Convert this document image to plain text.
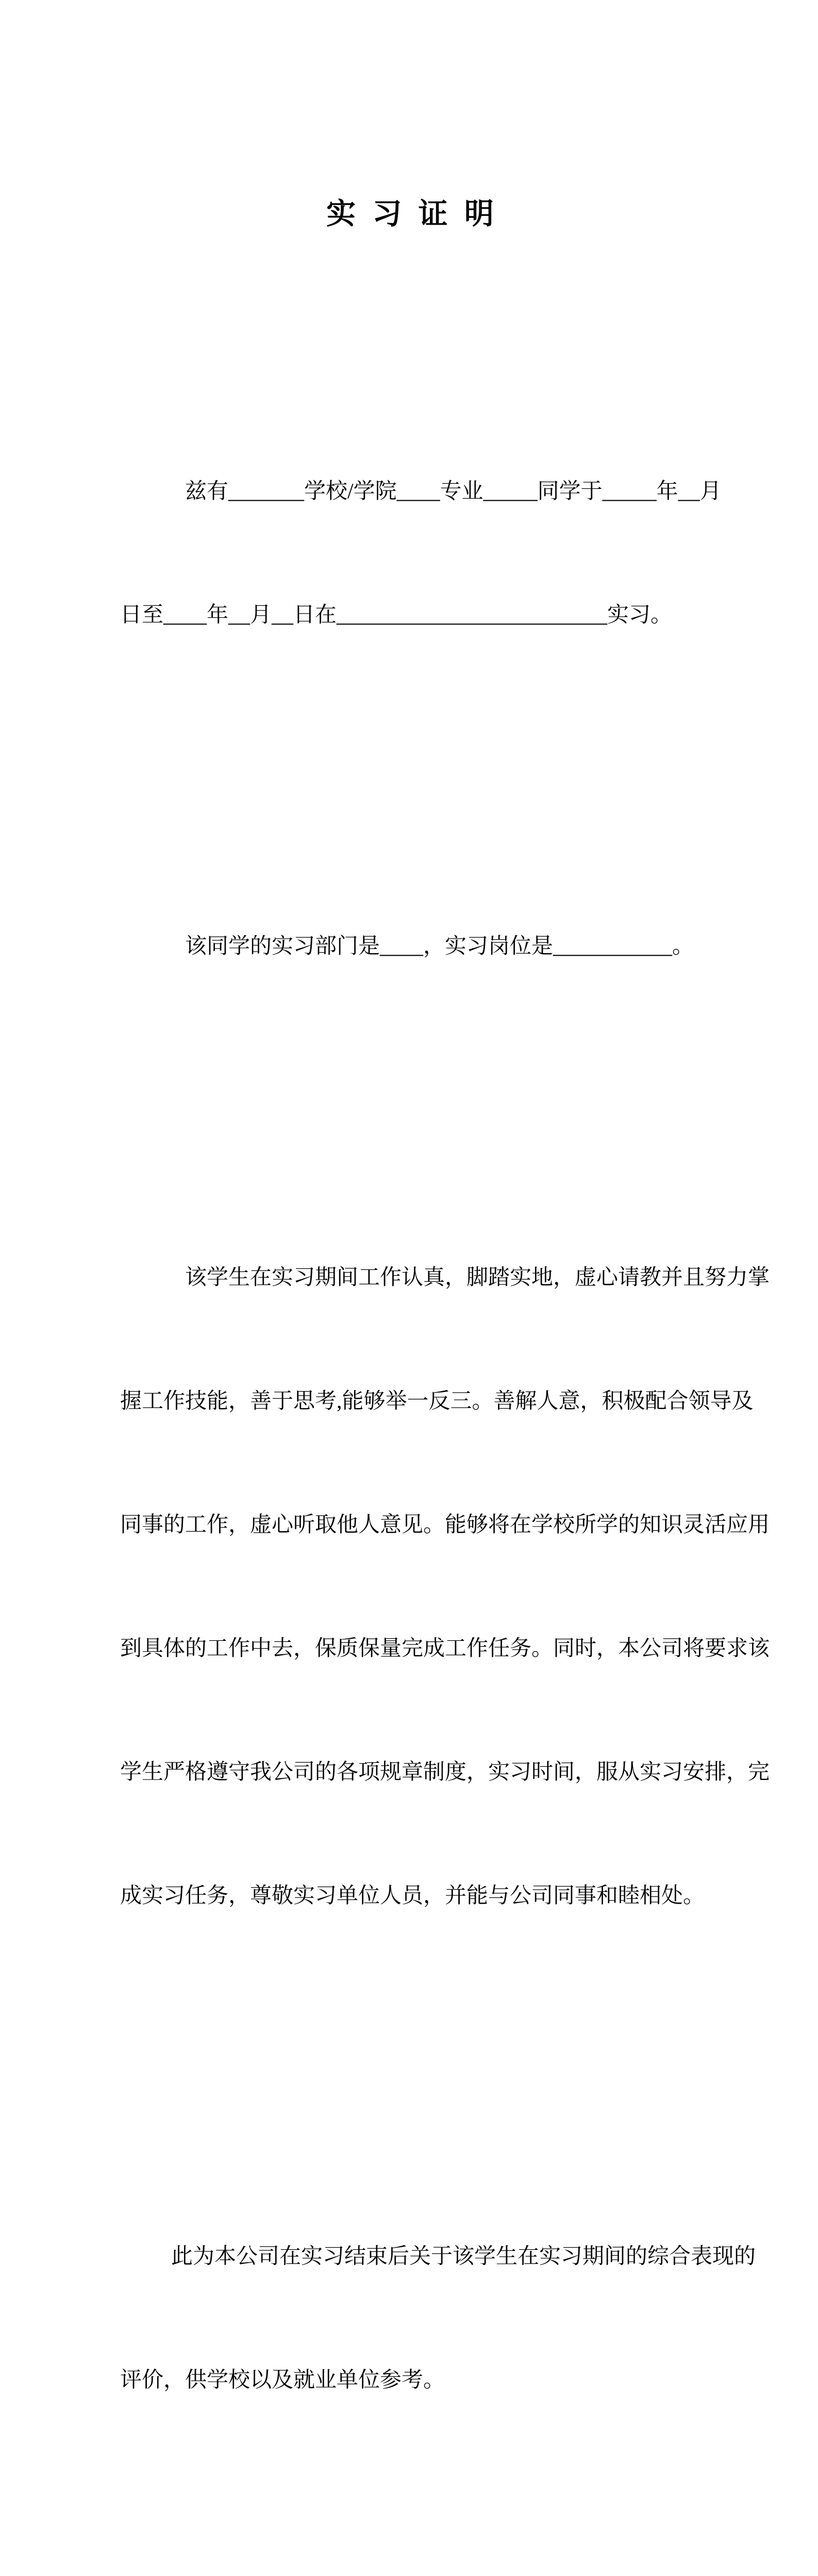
实 习 证 明

兹有_______学校/学院____专业_____同学于_____年__月

日至____年__月__日在_________________________实习。

该同学的实习部门是____，实习岗位是___________。

该学生在实习期间工作认真，脚踏实地，虚心请教并且努力掌

握工作技能，善于思考,能够举一反三。善解人意，积极配合领导及

同事的工作，虚心听取他人意见。能够将在学校所学的知识灵活应用

到具体的工作中去，保质保量完成工作任务。同时，本公司将要求该

学生严格遵守我公司的各项规章制度，实习时间，服从实习安排，完

成实习任务，尊敬实习单位人员，并能与公司同事和睦相处。

此为本公司在实习结束后关于该学生在实习期间的综合表现的

评价，供学校以及就业单位参考。
